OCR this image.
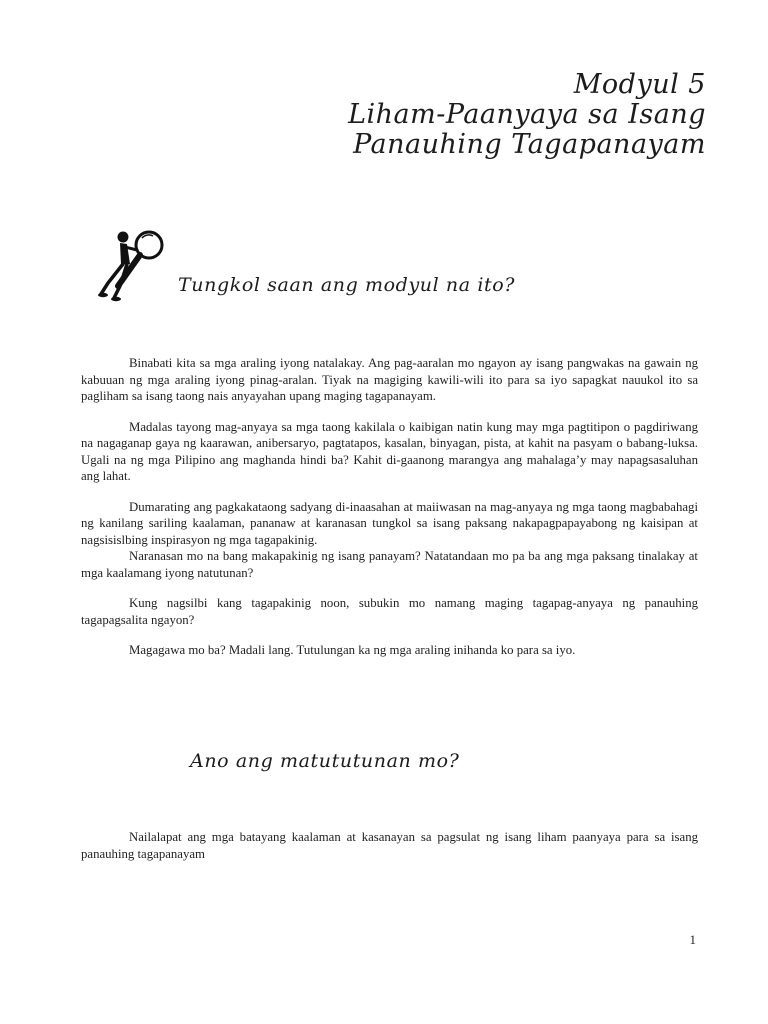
Modyul 5
Liham-Paanyaya sa Isang
Panauhing Tagapanayam
Tungkol saan ang modyul na ito?

Binabati kita sa mga araling iyong natalakay. Ang pag-aaralan mo ngayon ay isang pangwakas na gawain ng kabuuan ng mga araling iyong pinag-aralan. Tiyak na magiging kawili-wili ito para sa iyo sapagkat nauukol ito sa pagliham sa isang taong nais anyayahan upang maging tagapanayam.

Madalas tayong mag-anyaya sa mga taong kakilala o kaibigan natin kung may mga pagtitipon o pagdiriwang na nagaganap gaya ng kaarawan, anibersaryo, pagtatapos, kasalan, binyagan, pista, at kahit na pasyam o babang-luksa. Ugali na ng mga Pilipino ang maghanda hindi ba? Kahit di-gaanong marangya ang mahalaga’y may napagsasaluhan ang lahat.

Dumarating ang pagkakataong sadyang di-inaasahan at maiiwasan na mag-anyaya ng mga taong magbabahagi ng kanilang sariling kaalaman, pananaw at karanasan tungkol sa isang paksang nakapagpapayabong ng kaisipan at nagsisislbing inspirasyon ng mga tagapakinig.

Naranasan mo na bang makapakinig ng isang panayam? Natatandaan mo pa ba ang mga paksang tinalakay at mga kaalamang iyong natutunan?

Kung nagsilbi kang tagapakinig noon, subukin mo namang maging tagapag-anyaya ng panauhing tagapagsalita ngayon?

Magagawa mo ba? Madali lang. Tutulungan ka ng mga araling inihanda ko para sa iyo.

Ano ang matututunan mo?

Nailalapat ang mga batayang kaalaman at kasanayan sa pagsulat ng isang liham paanyaya para sa isang panauhing tagapanayam

1
